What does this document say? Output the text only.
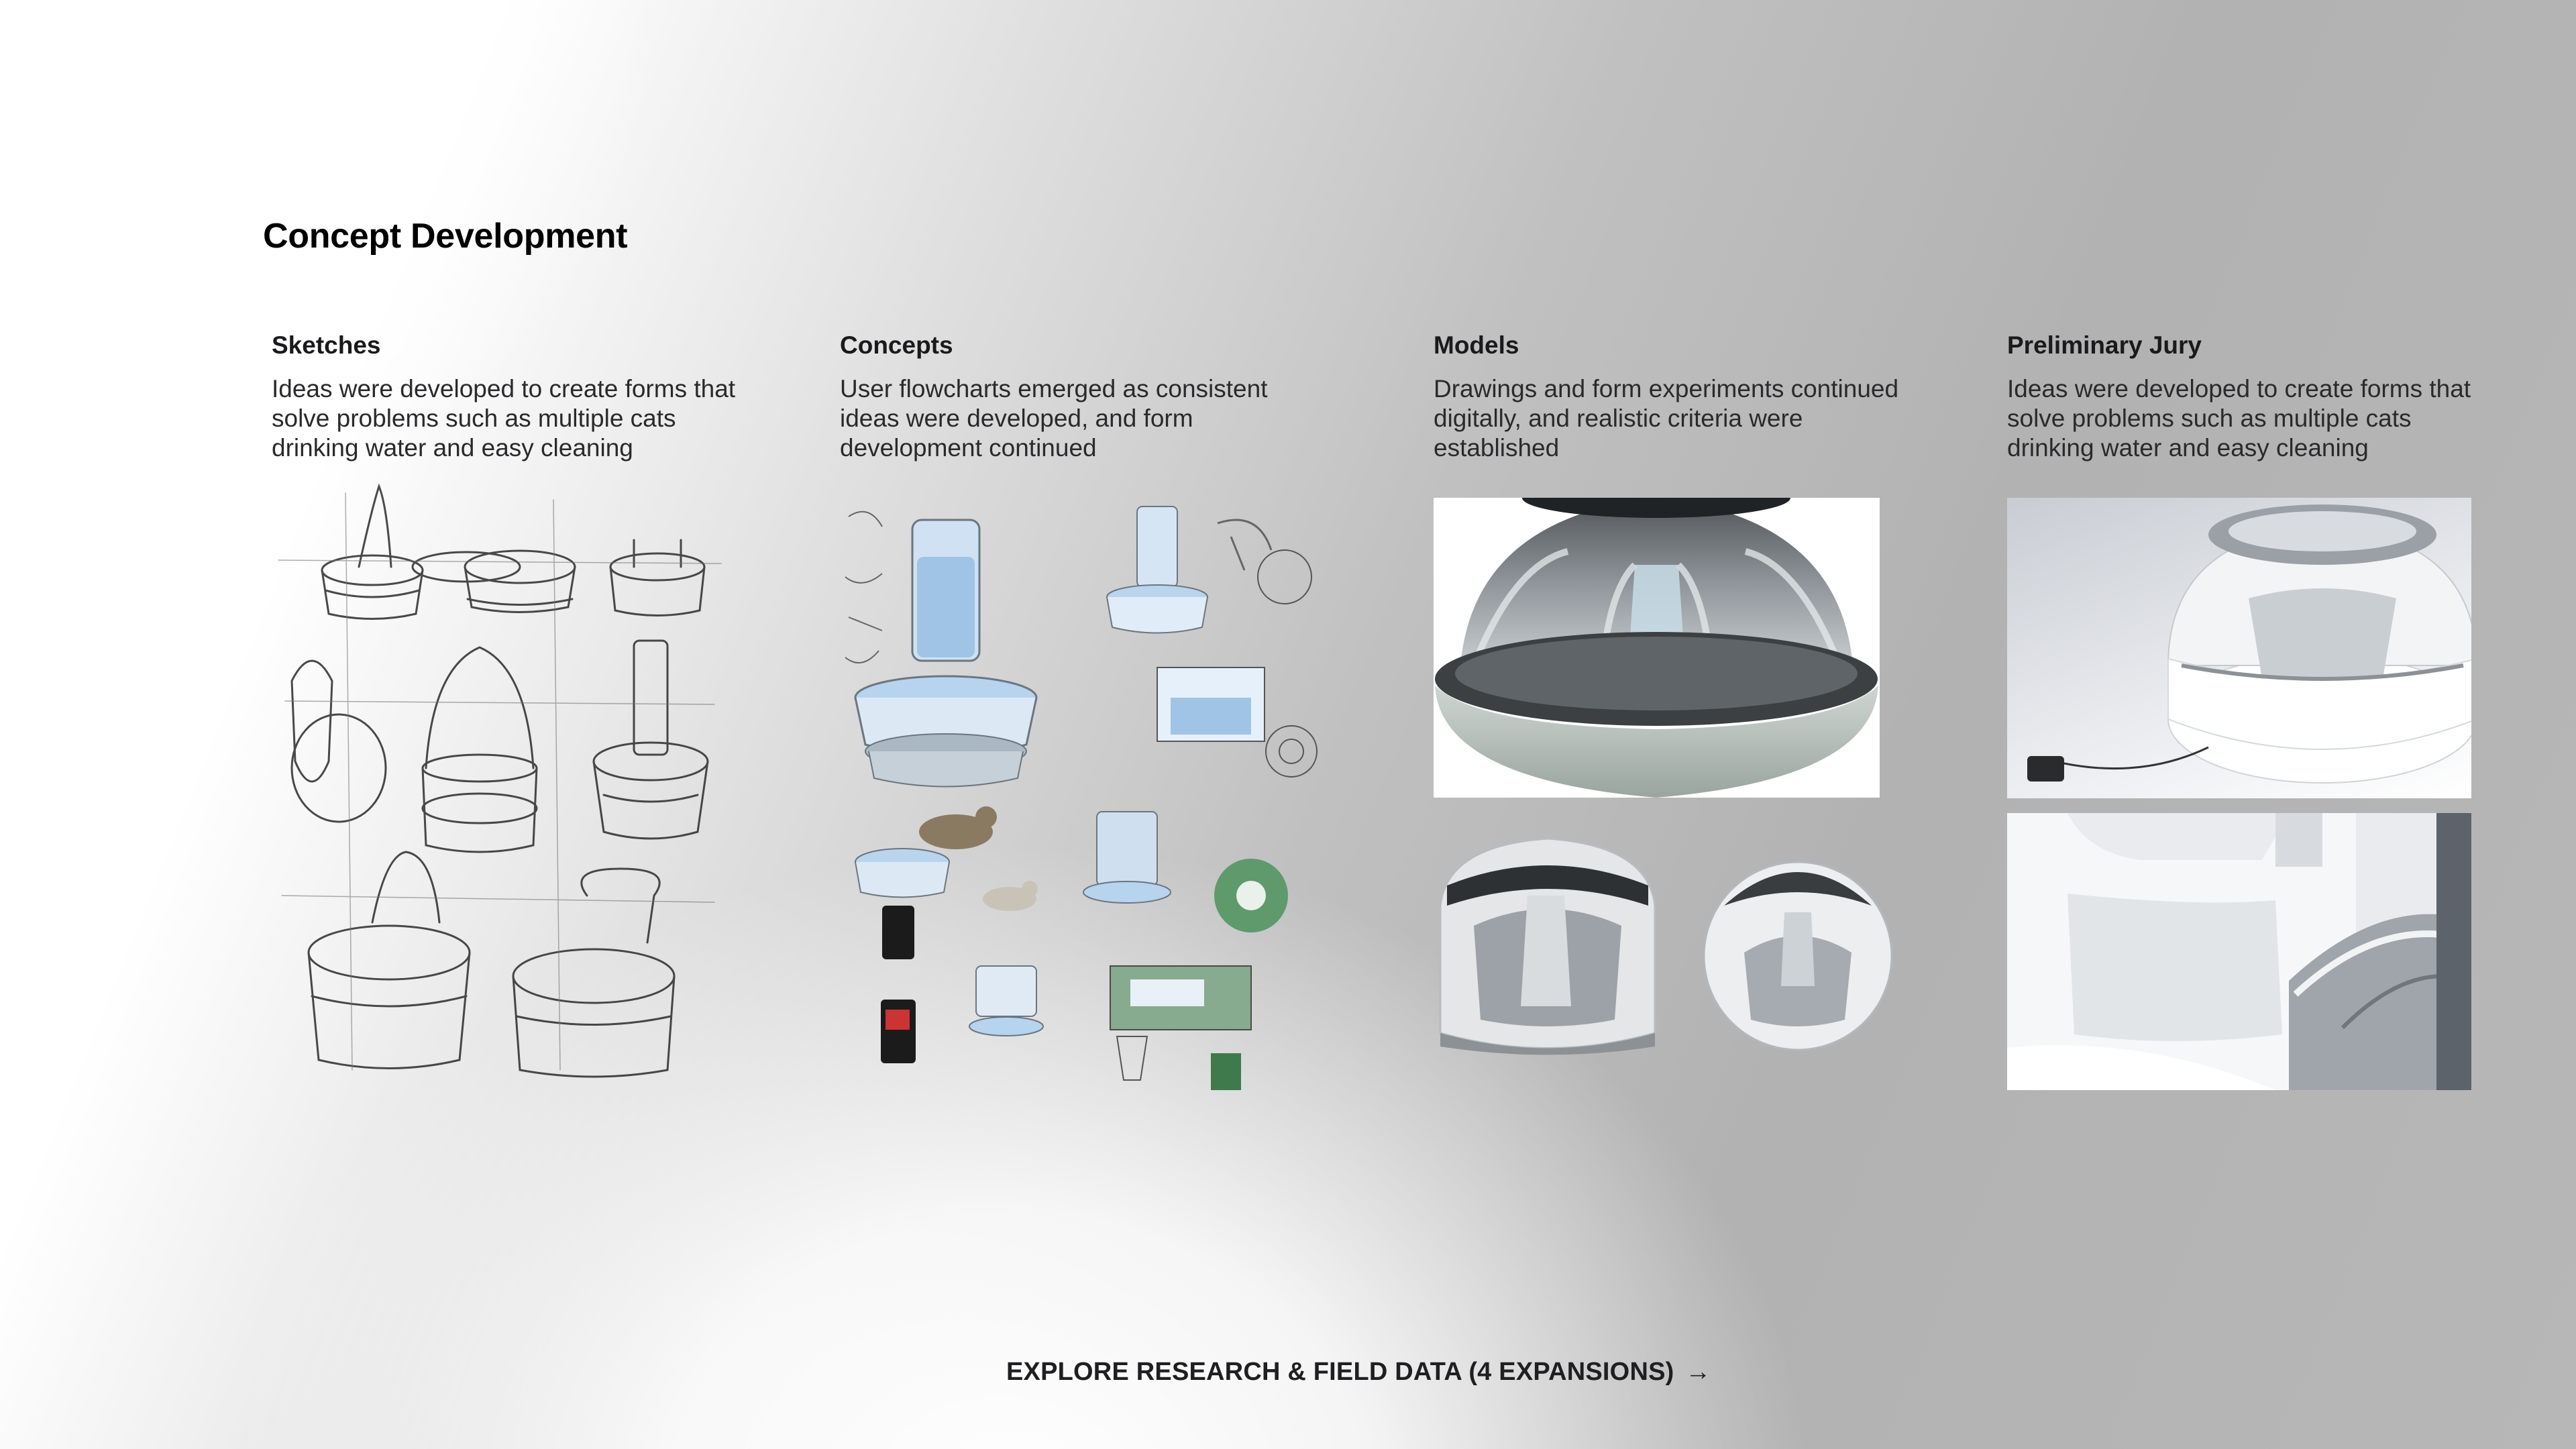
Concept Development
Sketches

Ideas were developed to create forms that solve problems such as multiple cats drinking water and easy cleaning

Concepts

User flowcharts emerged as consistent ideas were developed, and form development continued

Models

Drawings and form experiments continued digitally, and realistic criteria were established

Preliminary Jury

Ideas were developed to create forms that solve problems such as multiple cats drinking water and easy cleaning

EXPLORE RESEARCH & FIELD DATA (4 EXPANSIONS) →
